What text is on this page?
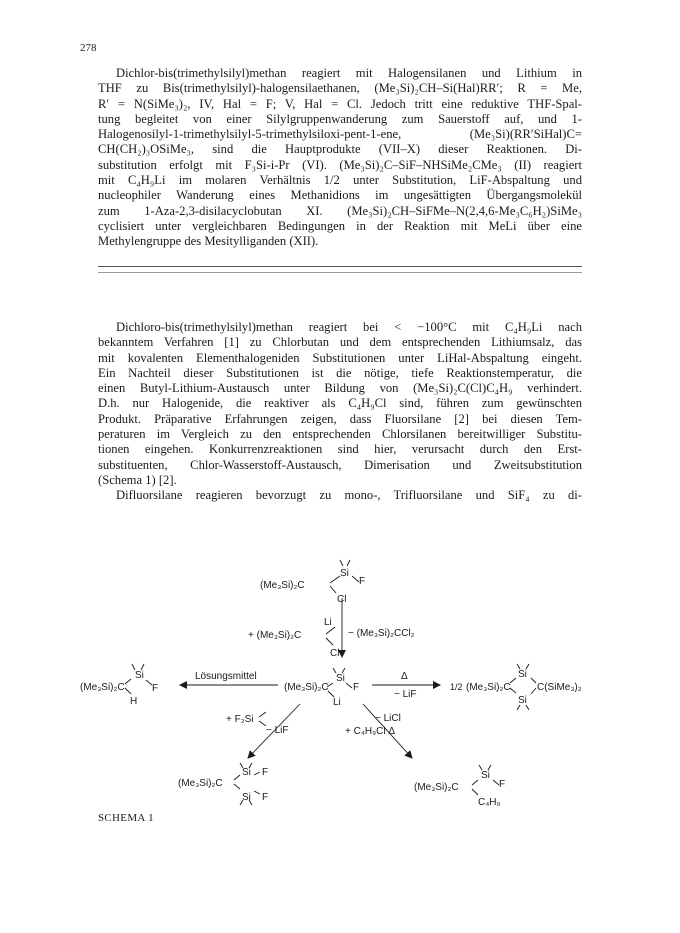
278
Dichlor-bis(trimethylsilyl)methan reagiert mit Halogensilanen und Lithium in
THF zu Bis(trimethylsilyl)-halogensilaethanen, (Me₃Si)₂CH–Si(Hal)RR′; R = Me,
R′ = N(SiMe₃)₂, IV, Hal = F; V, Hal = Cl. Jedoch tritt eine reduktive THF-Spal-
tung begleitet von einer Silylgruppenwanderung zum Sauerstoff auf, und 1-
Halogenosilyl-1-trimethylsilyl-5-trimethylsiloxi-pent-1-ene, (Me₃Si)(RR′SiHal)C=
CH(CH₂)₃OSiMe₃, sind die Hauptprodukte (VII–X) dieser Reaktionen. Di-
substitution erfolgt mit F₃Si-i-Pr (VI). (Me₃Si)₂C–SiF–NHSiMe₂CMe₃ (II) reagiert
mit C₄H₉Li im molaren Verhältnis 1/2 unter Substitution, LiF-Abspaltung und
nucleophiler Wanderung eines Methanidions im ungesättigten Übergangsmolekül
zum 1-Aza-2,3-disilacyclobutan XI. (Me₃Si)₂CH–SiFMe–N(2,4,6-Me₃C₆H₂)SiMe₃
cyclisiert unter vergleichbaren Bedingungen in der Reaktion mit MeLi über eine
Methylengruppe des Mesitylliganden (XII).
Dichloro-bis(trimethylsilyl)methan reagiert bei < −100°C mit C₄H₉Li nach
bekanntem Verfahren [1] zu Chlorbutan und dem entsprechenden Lithiumsalz, das
mit kovalenten Elementhalogeniden Substitutionen unter LiHal-Abspaltung eingeht.
Ein Nachteil dieser Substitutionen ist die nötige, tiefe Reaktionstemperatur, die
einen Butyl-Lithium-Austausch unter Bildung von (Me₃Si)₂C(Cl)C₄H₉ verhindert.
D.h. nur Halogenide, die reaktiver als C₄H₉Cl sind, führen zum gewünschten
Produkt. Präparative Erfahrungen zeigen, dass Fluorsilane [2] bei diesen Tem-
peraturen im Vergleich zu den entsprechenden Chlorsilanen bereitwilliger Substitu-
tionen eingehen. Konkurrenzreaktionen sind hier, verursacht durch den Erst-
substituenten, Chlor-Wasserstoff-Austausch, Dimerisation und Zweitsubstitution
(Schema 1) [2].
Difluorsilane reagieren bevorzugt zu mono-, Trifluorsilane und SiF₄ zu di-
Si
(Me₃Si)₂C	F
Cl
Li
+ (Me₃Si)₂C
Cl
− (Me₃Si)₂CCl₂
Si
(Me₃Si)₂C F
Li
Lösungsmittel
Si
(Me₃Si)₂C	F
H
Δ
− LiF
1/2 (Me₃Si)₂C
Si
Si
C(SiMe₃)₂
+ F₂Si
− LiF
− LiCl
+ C₄H₉Cl Δ
Si F
(Me₃Si)₂C
Si F
Si
(Me₃Si)₂C	F
C₄H₉
SCHEMA 1
